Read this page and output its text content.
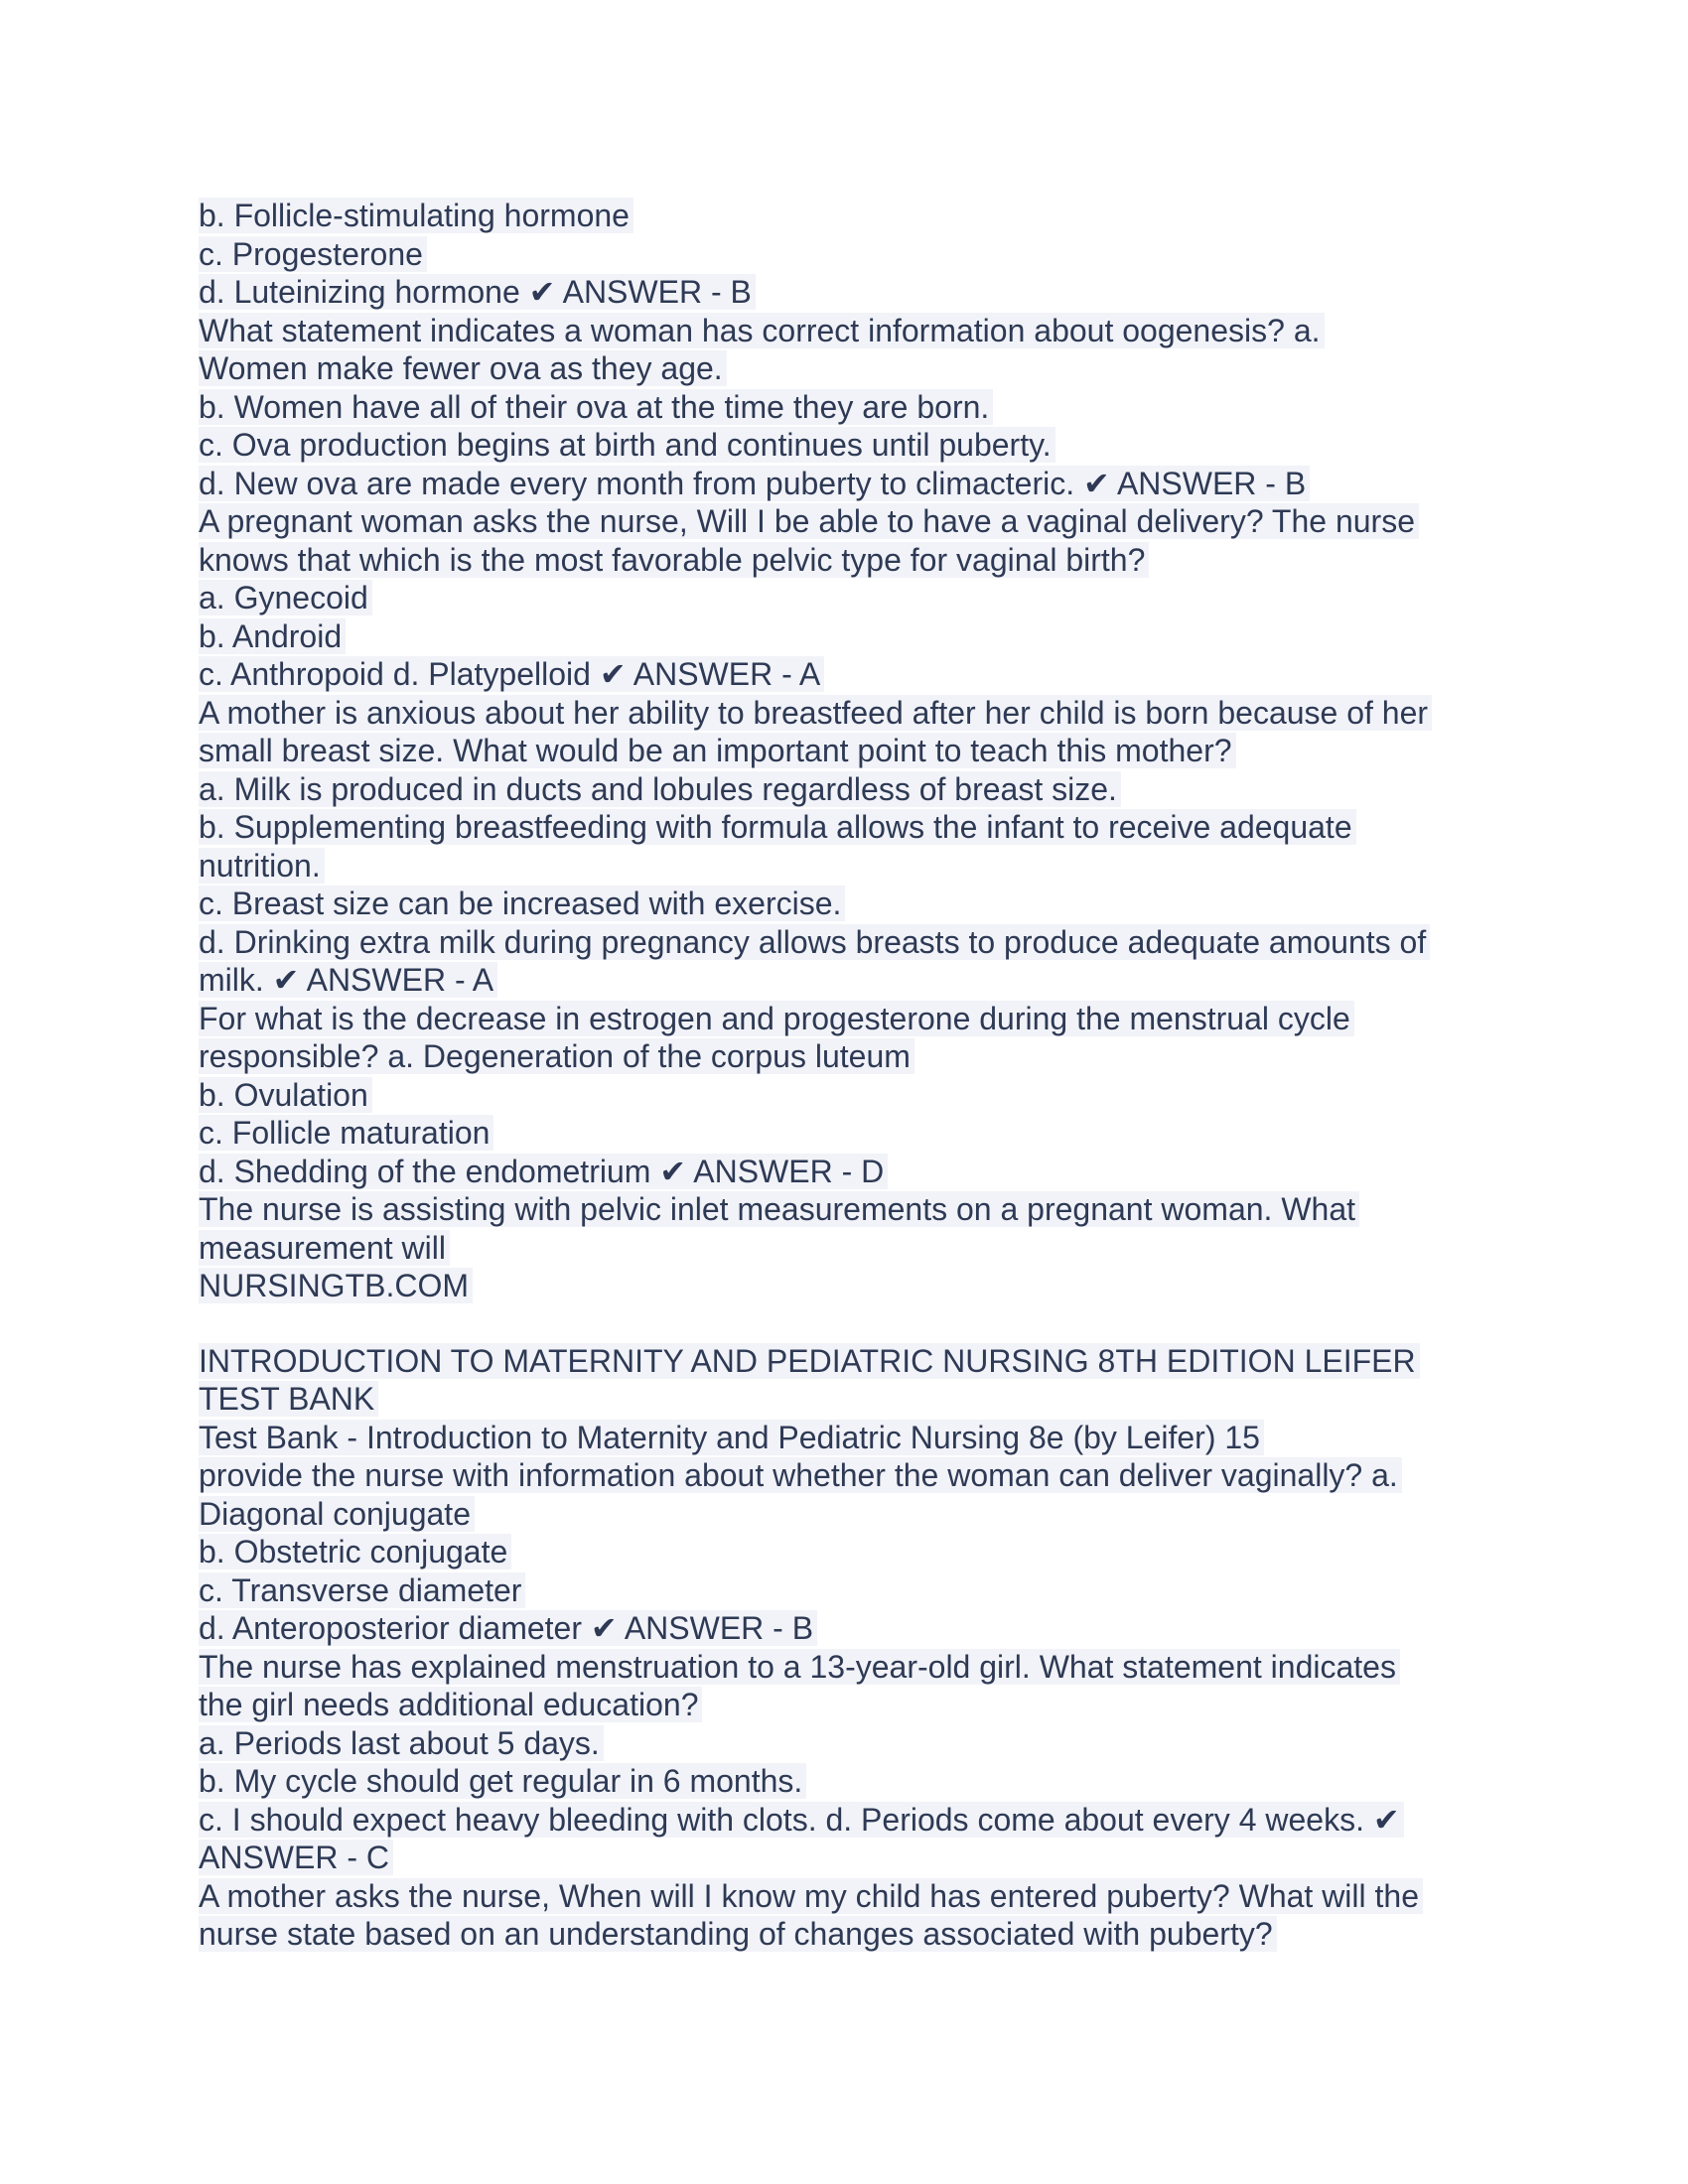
b. Follicle-stimulating hormone
c. Progesterone
d. Luteinizing hormone ✔ ANSWER - B
What statement indicates a woman has correct information about oogenesis? a.
Women make fewer ova as they age.
b. Women have all of their ova at the time they are born.
c. Ova production begins at birth and continues until puberty.
d. New ova are made every month from puberty to climacteric. ✔ ANSWER - B
A pregnant woman asks the nurse, Will I be able to have a vaginal delivery? The nurse
knows that which is the most favorable pelvic type for vaginal birth?
a. Gynecoid
b. Android
c. Anthropoid d. Platypelloid ✔ ANSWER - A
A mother is anxious about her ability to breastfeed after her child is born because of her
small breast size. What would be an important point to teach this mother?
a. Milk is produced in ducts and lobules regardless of breast size.
b. Supplementing breastfeeding with formula allows the infant to receive adequate
nutrition.
c. Breast size can be increased with exercise.
d. Drinking extra milk during pregnancy allows breasts to produce adequate amounts of
milk. ✔ ANSWER - A
For what is the decrease in estrogen and progesterone during the menstrual cycle
responsible? a. Degeneration of the corpus luteum
b. Ovulation
c. Follicle maturation
d. Shedding of the endometrium ✔ ANSWER - D
The nurse is assisting with pelvic inlet measurements on a pregnant woman. What
measurement will
NURSINGTB.COM
INTRODUCTION TO MATERNITY AND PEDIATRIC NURSING 8TH EDITION LEIFER
TEST BANK
Test Bank - Introduction to Maternity and Pediatric Nursing 8e (by Leifer) 15
provide the nurse with information about whether the woman can deliver vaginally? a.
Diagonal conjugate
b. Obstetric conjugate
c. Transverse diameter
d. Anteroposterior diameter ✔ ANSWER - B
The nurse has explained menstruation to a 13-year-old girl. What statement indicates
the girl needs additional education?
a. Periods last about 5 days.
b. My cycle should get regular in 6 months.
c. I should expect heavy bleeding with clots. d. Periods come about every 4 weeks. ✔
ANSWER - C
A mother asks the nurse, When will I know my child has entered puberty? What will the
nurse state based on an understanding of changes associated with puberty?
